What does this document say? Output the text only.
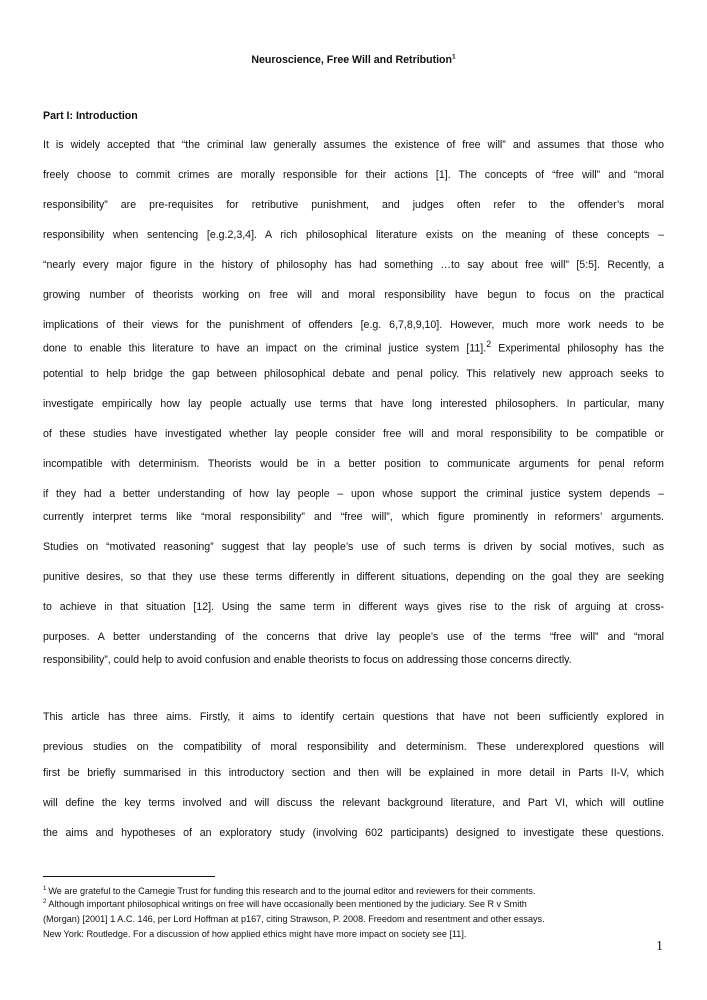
Neuroscience, Free Will and Retribution$^1$
Part I: Introduction
It is widely accepted that “the criminal law generally assumes the existence of free will” and assumes that those who
freely choose to commit crimes are morally responsible for their actions [1]. The concepts of “free will” and “moral
responsibility” are pre-requisites for retributive punishment, and judges often refer to the offender’s moral
responsibility when sentencing [e.g.2,3,4]. A rich philosophical literature exists on the meaning of these concepts –
“nearly every major figure in the history of philosophy has had something …to say about free will” [5:5]. Recently, a
growing number of theorists working on free will and moral responsibility have begun to focus on the practical
implications of their views for the punishment of offenders [e.g. 6,7,8,9,10]. However, much more work needs to be
done to enable this literature to have an impact on the criminal justice system [11].$^2$ Experimental philosophy has the
potential to help bridge the gap between philosophical debate and penal policy. This relatively new approach seeks to
investigate empirically how lay people actually use terms that have long interested philosophers. In particular, many
of these studies have investigated whether lay people consider free will and moral responsibility to be compatible or
incompatible with determinism. Theorists would be in a better position to communicate arguments for penal reform
if they had a better understanding of how lay people – upon whose support the criminal justice system depends –
currently interpret terms like “moral responsibility” and “free will”, which figure prominently in reformers’ arguments.
Studies on “motivated reasoning” suggest that lay people’s use of such terms is driven by social motives, such as
punitive desires, so that they use these terms differently in different situations, depending on the goal they are seeking
to achieve in that situation [12]. Using the same term in different ways gives rise to the risk of arguing at cross-
purposes. A better understanding of the concerns that drive lay people’s use of the terms “free will” and “moral
responsibility”, could help to avoid confusion and enable theorists to focus on addressing those concerns directly.
This article has three aims. Firstly, it aims to identify certain questions that have not been sufficiently explored in
previous studies on the compatibility of moral responsibility and determinism. These underexplored questions will
first be briefly summarised in this introductory section and then will be explained in more detail in Parts II-V, which
will define the key terms involved and will discuss the relevant background literature, and Part VI, which will outline
the aims and hypotheses of an exploratory study (involving 602 participants) designed to investigate these questions.
$^1$ We are grateful to the Carnegie Trust for funding this research and to the journal editor and reviewers for their comments.
$^2$ Although important philosophical writings on free will have occasionally been mentioned by the judiciary. See R v Smith
(Morgan) [2001] 1 A.C. 146, per Lord Hoffman at p167, citing Strawson, P. 2008. Freedom and resentment and other essays.
New York: Routledge. For a discussion of how applied ethics might have more impact on society see [11].
1
